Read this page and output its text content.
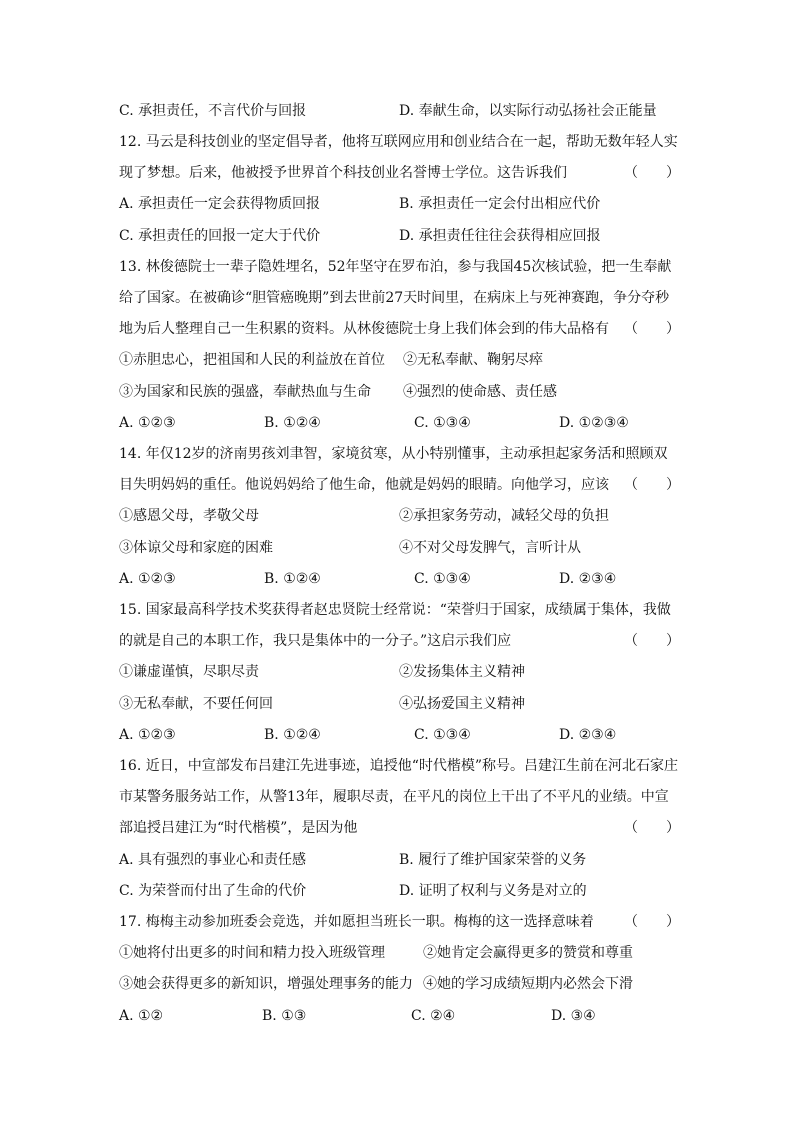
C. 承担责任，不言代价与回报	D. 奉献生命，以实际行动弘扬社会正能量
12. 马云是科技创业的坚定倡导者，他将互联网应用和创业结合在一起，帮助无数年轻人实
现了梦想。后来，他被授予世界首个科技创业名誉博士学位。这告诉我们	（　　）
A. 承担责任一定会获得物质回报	B. 承担责任一定会付出相应代价
C. 承担责任的回报一定大于代价	D. 承担责任往往会获得相应回报
13. 林俊德院士一辈子隐姓埋名，52年坚守在罗布泊，参与我国45次核试验，把一生奉献
给了国家。在被确诊“胆管癌晚期”到去世前27天时间里，在病床上与死神赛跑，争分夺秒
地为后人整理自己一生积累的资料。从林俊德院士身上我们体会到的伟大品格有 （　　）
①赤胆忠心，把祖国和人民的利益放在首位 ②无私奉献、鞠躬尽瘁
③为国家和民族的强盛，奉献热血与生命 ④强烈的使命感、责任感
A. ①②③	B. ①②④	C. ①③④	D. ①②③④
14. 年仅12岁的济南男孩刘聿智，家境贫寒，从小特别懂事，主动承担起家务活和照顾双
目失明妈妈的重任。他说妈妈给了他生命，他就是妈妈的眼睛。向他学习，应该 （　　）
①感恩父母，孝敬父母	②承担家务劳动，减轻父母的负担
③体谅父母和家庭的困难	④不对父母发脾气，言听计从
A. ①②③	B. ①②④	C. ①③④	D. ②③④
15. 国家最高科学技术奖获得者赵忠贤院士经常说：“荣誉归于国家，成绩属于集体，我做
的就是自己的本职工作，我只是集体中的一分子。”这启示我们应	（　　）
①谦虚谨慎，尽职尽责	②发扬集体主义精神
③无私奉献，不要任何回	④弘扬爱国主义精神
A. ①②③	B. ①②④	C. ①③④	D. ②③④
16. 近日，中宣部发布吕建江先进事迹，追授他“时代楷模”称号。吕建江生前在河北石家庄
市某警务服务站工作，从警13年，履职尽责，在平凡的岗位上干出了不平凡的业绩。中宣
部追授吕建江为“时代楷模”，是因为他	（　　）
A. 具有强烈的事业心和责任感	B. 履行了维护国家荣誉的义务
C. 为荣誉而付出了生命的代价	D. 证明了权利与义务是对立的
17. 梅梅主动参加班委会竞选，并如愿担当班长一职。梅梅的这一选择意味着 （　　）
①她将付出更多的时间和精力投入班级管理	②她肯定会赢得更多的赞赏和尊重
③她会获得更多的新知识，增强处理事务的能力 ④她的学习成绩短期内必然会下滑
A. ①②	B. ①③	C. ②④	D. ③④
